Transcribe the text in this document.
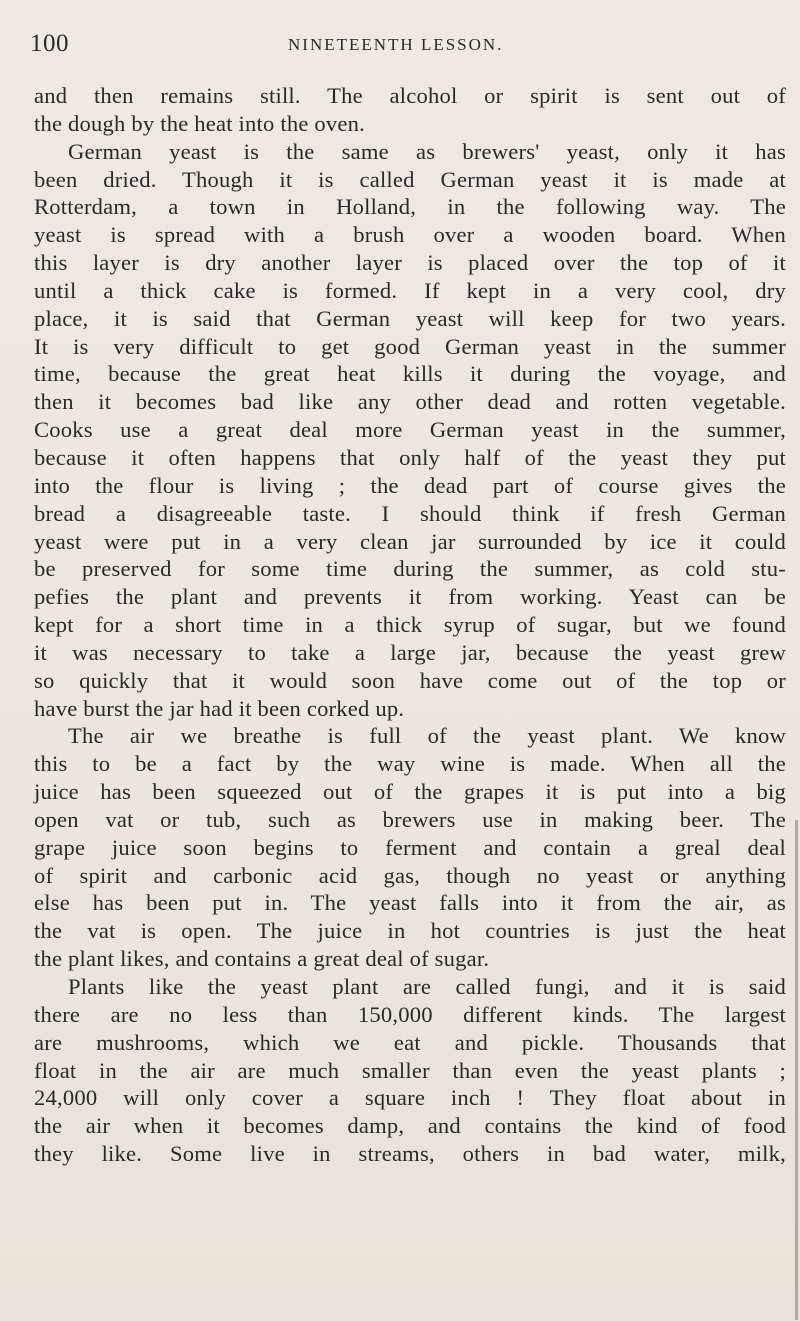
100	NINETEENTH LESSON.
and then remains still. The alcohol or spirit is sent out of
the dough by the heat into the oven.
German yeast is the same as brewers' yeast, only it has
been dried. Though it is called German yeast it is made at
Rotterdam, a town in Holland, in the following way. The
yeast is spread with a brush over a wooden board. When
this layer is dry another layer is placed over the top of it
until a thick cake is formed. If kept in a very cool, dry
place, it is said that German yeast will keep for two years.
It is very difficult to get good German yeast in the summer
time, because the great heat kills it during the voyage, and
then it becomes bad like any other dead and rotten vegetable.
Cooks use a great deal more German yeast in the summer,
because it often happens that only half of the yeast they put
into the flour is living ; the dead part of course gives the
bread a disagreeable taste. I should think if fresh German
yeast were put in a very clean jar surrounded by ice it could
be preserved for some time during the summer, as cold stu-
pefies the plant and prevents it from working. Yeast can be
kept for a short time in a thick syrup of sugar, but we found
it was necessary to take a large jar, because the yeast grew
so quickly that it would soon have come out of the top or
have burst the jar had it been corked up.
The air we breathe is full of the yeast plant. We know
this to be a fact by the way wine is made. When all the
juice has been squeezed out of the grapes it is put into a big
open vat or tub, such as brewers use in making beer. The
grape juice soon begins to ferment and contain a greal deal
of spirit and carbonic acid gas, though no yeast or anything
else has been put in. The yeast falls into it from the air, as
the vat is open. The juice in hot countries is just the heat
the plant likes, and contains a great deal of sugar.
Plants like the yeast plant are called fungi, and it is said
there are no less than 150,000 different kinds. The largest
are mushrooms, which we eat and pickle. Thousands that
float in the air are much smaller than even the yeast plants ;
24,000 will only cover a square inch ! They float about in
the air when it becomes damp, and contains the kind of food
they like. Some live in streams, others in bad water, milk,
